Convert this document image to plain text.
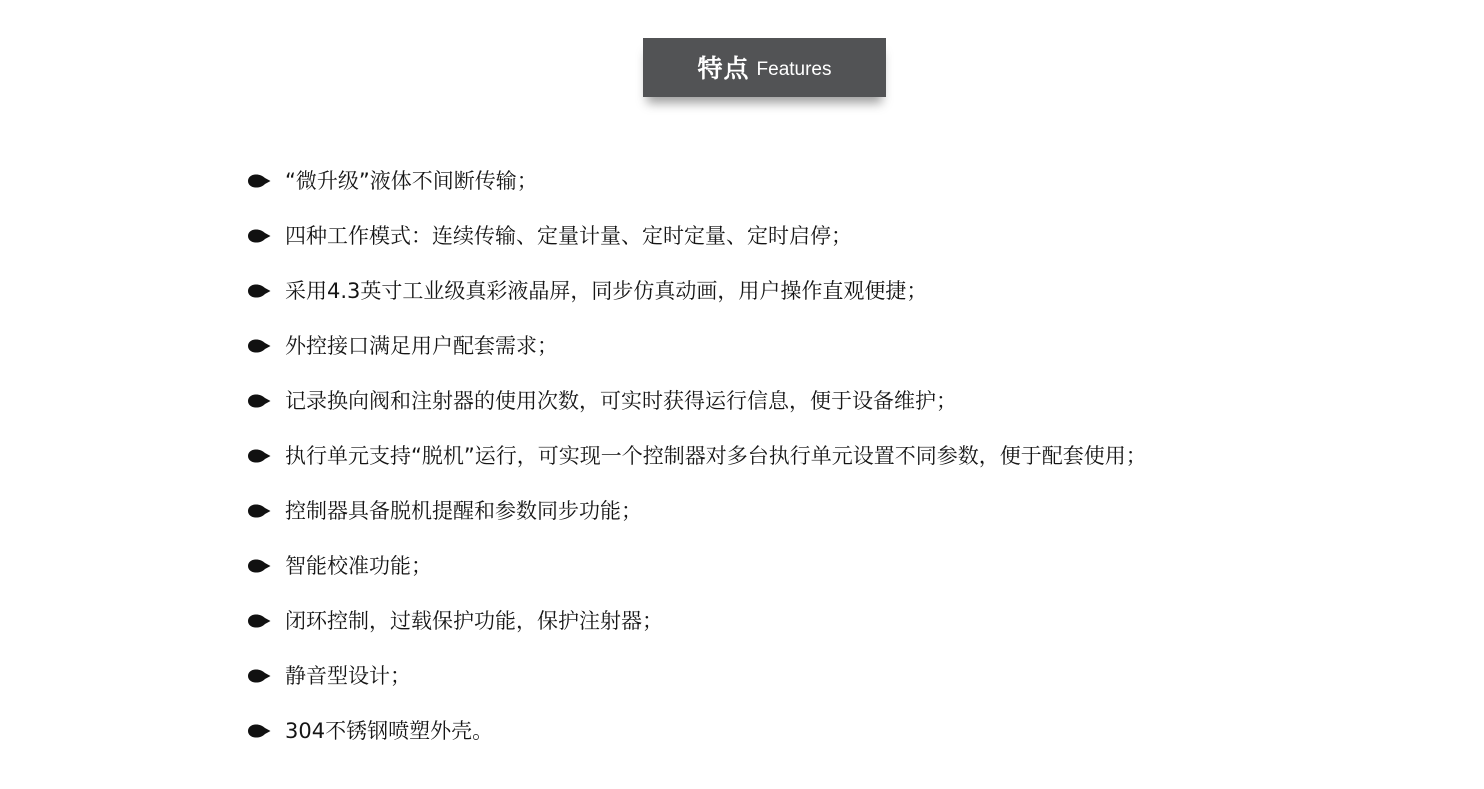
特点 Features
“微升级”液体不间断传输；
四种工作模式：连续传输、定量计量、定时定量、定时启停；
采用4.3英寸工业级真彩液晶屏，同步仿真动画，用户操作直观便捷；
外控接口满足用户配套需求；
记录换向阀和注射器的使用次数，可实时获得运行信息，便于设备维护；
执行单元支持“脱机”运行，可实现一个控制器对多台执行单元设置不同参数，便于配套使用；
控制器具备脱机提醒和参数同步功能；
智能校准功能；
闭环控制，过载保护功能，保护注射器；
静音型设计；
304不锈钢喷塑外壳。
